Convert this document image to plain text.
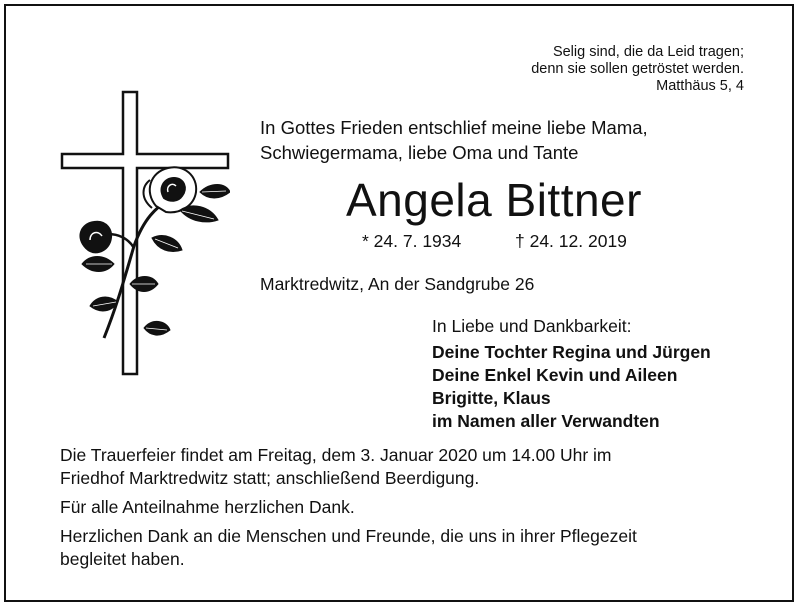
Selig sind, die da Leid tragen;
denn sie sollen getröstet werden.
Matthäus 5, 4
In Gottes Frieden entschlief meine liebe Mama,
Schwiegermama, liebe Oma und Tante
Angela Bittner
* 24. 7. 1934	† 24. 12. 2019
Marktredwitz, An der Sandgrube 26
In Liebe und Dankbarkeit:
Deine Tochter Regina und Jürgen
Deine Enkel Kevin und Aileen
Brigitte, Klaus
im Namen aller Verwandten
Die Trauerfeier findet am Freitag, dem 3. Januar 2020 um 14.00 Uhr im
Friedhof Marktredwitz statt; anschließend Beerdigung.
Für alle Anteilnahme herzlichen Dank.
Herzlichen Dank an die Menschen und Freunde, die uns in ihrer Pflegezeit
begleitet haben.
